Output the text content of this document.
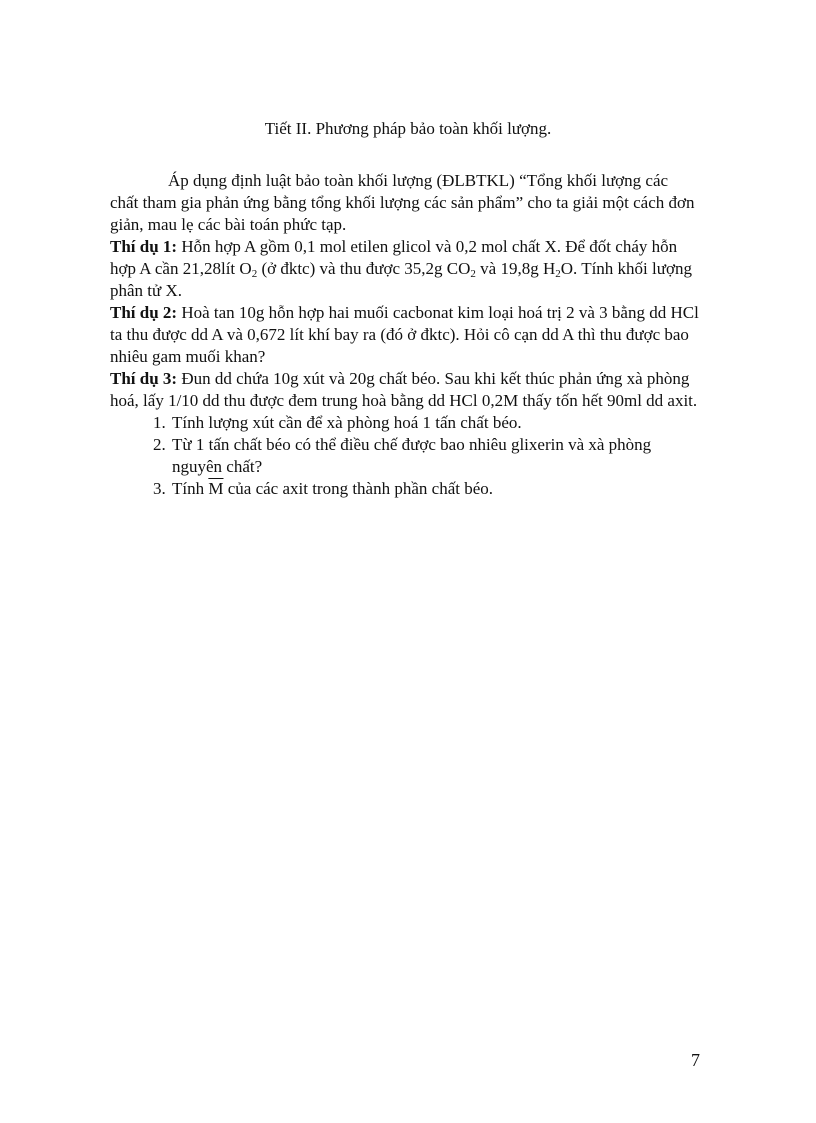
Tiết II. Phương pháp bảo toàn khối lượng.

Áp dụng định luật bảo toàn khối lượng (ĐLBTKL) “Tổng khối lượng các chất tham gia phản ứng bằng tổng khối lượng các sản phẩm” cho ta giải một cách đơn giản, mau lẹ các bài toán phức tạp.

Thí dụ 1: Hỗn hợp A gồm 0,1 mol etilen glicol và 0,2 mol chất X. Để đốt cháy hỗn hợp A cần 21,28lít $O_2$ (ở đktc) và thu được 35,2g $CO_2$ và 19,8g $H_2O$. Tính khối lượng phân tử X.

Thí dụ 2: Hoà tan 10g hỗn hợp hai muối cacbonat kim loại hoá trị 2 và 3 bằng dd HCl ta thu được dd A và 0,672 lít khí bay ra (đó ở đktc). Hỏi cô cạn dd A thì thu được bao nhiêu gam muối khan?

Thí dụ 3: Đun dd chứa 10g xút và 20g chất béo. Sau khi kết thúc phản ứng xà phòng hoá, lấy 1/10 dd thu được đem trung hoà bằng dd HCl 0,2M thấy tốn hết 90ml dd axit.

1. Tính lượng xút cần để xà phòng hoá 1 tấn chất béo.
2. Từ 1 tấn chất béo có thể điều chế được bao nhiêu glixerin và xà phòng nguyên chất?
3. Tính $\overline{M}$ của các axit trong thành phần chất béo.
7
